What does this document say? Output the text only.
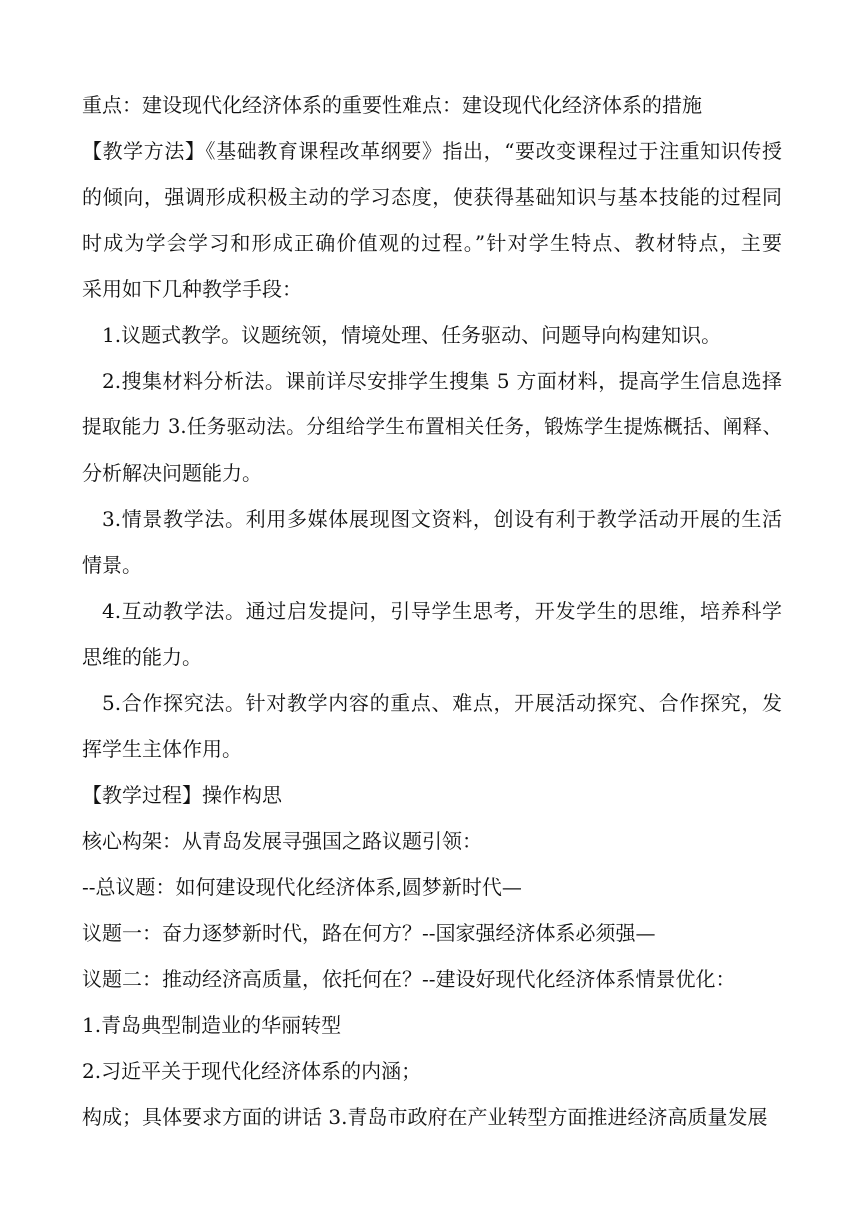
重点：建设现代化经济体系的重要性难点：建设现代化经济体系的措施
【教学方法】《基础教育课程改革纲要》指出，“要改变课程过于注重知识传授
的倾向，强调形成积极主动的学习态度，使获得基础知识与基本技能的过程同
时成为学会学习和形成正确价值观的过程。”针对学生特点、教材特点，主要
采用如下几种教学手段：
1.议题式教学。议题统领，情境处理、任务驱动、问题导向构建知识。
2.搜集材料分析法。课前详尽安排学生搜集 5 方面材料，提高学生信息选择
提取能力 3.任务驱动法。分组给学生布置相关任务，锻炼学生提炼概括、阐释、
分析解决问题能力。
3.情景教学法。利用多媒体展现图文资料，创设有利于教学活动开展的生活
情景。
4.互动教学法。通过启发提问，引导学生思考，开发学生的思维，培养科学
思维的能力。
5.合作探究法。针对教学内容的重点、难点，开展活动探究、合作探究，发
挥学生主体作用。
【教学过程】操作构思
核心构架：从青岛发展寻强国之路议题引领：
--总议题：如何建设现代化经济体系,圆梦新时代—
议题一：奋力逐梦新时代，路在何方？--国家强经济体系必须强—
议题二：推动经济高质量，依托何在？--建设好现代化经济体系情景优化：
1.青岛典型制造业的华丽转型
2.习近平关于现代化经济体系的内涵；
构成；具体要求方面的讲话 3.青岛市政府在产业转型方面推进经济高质量发展
